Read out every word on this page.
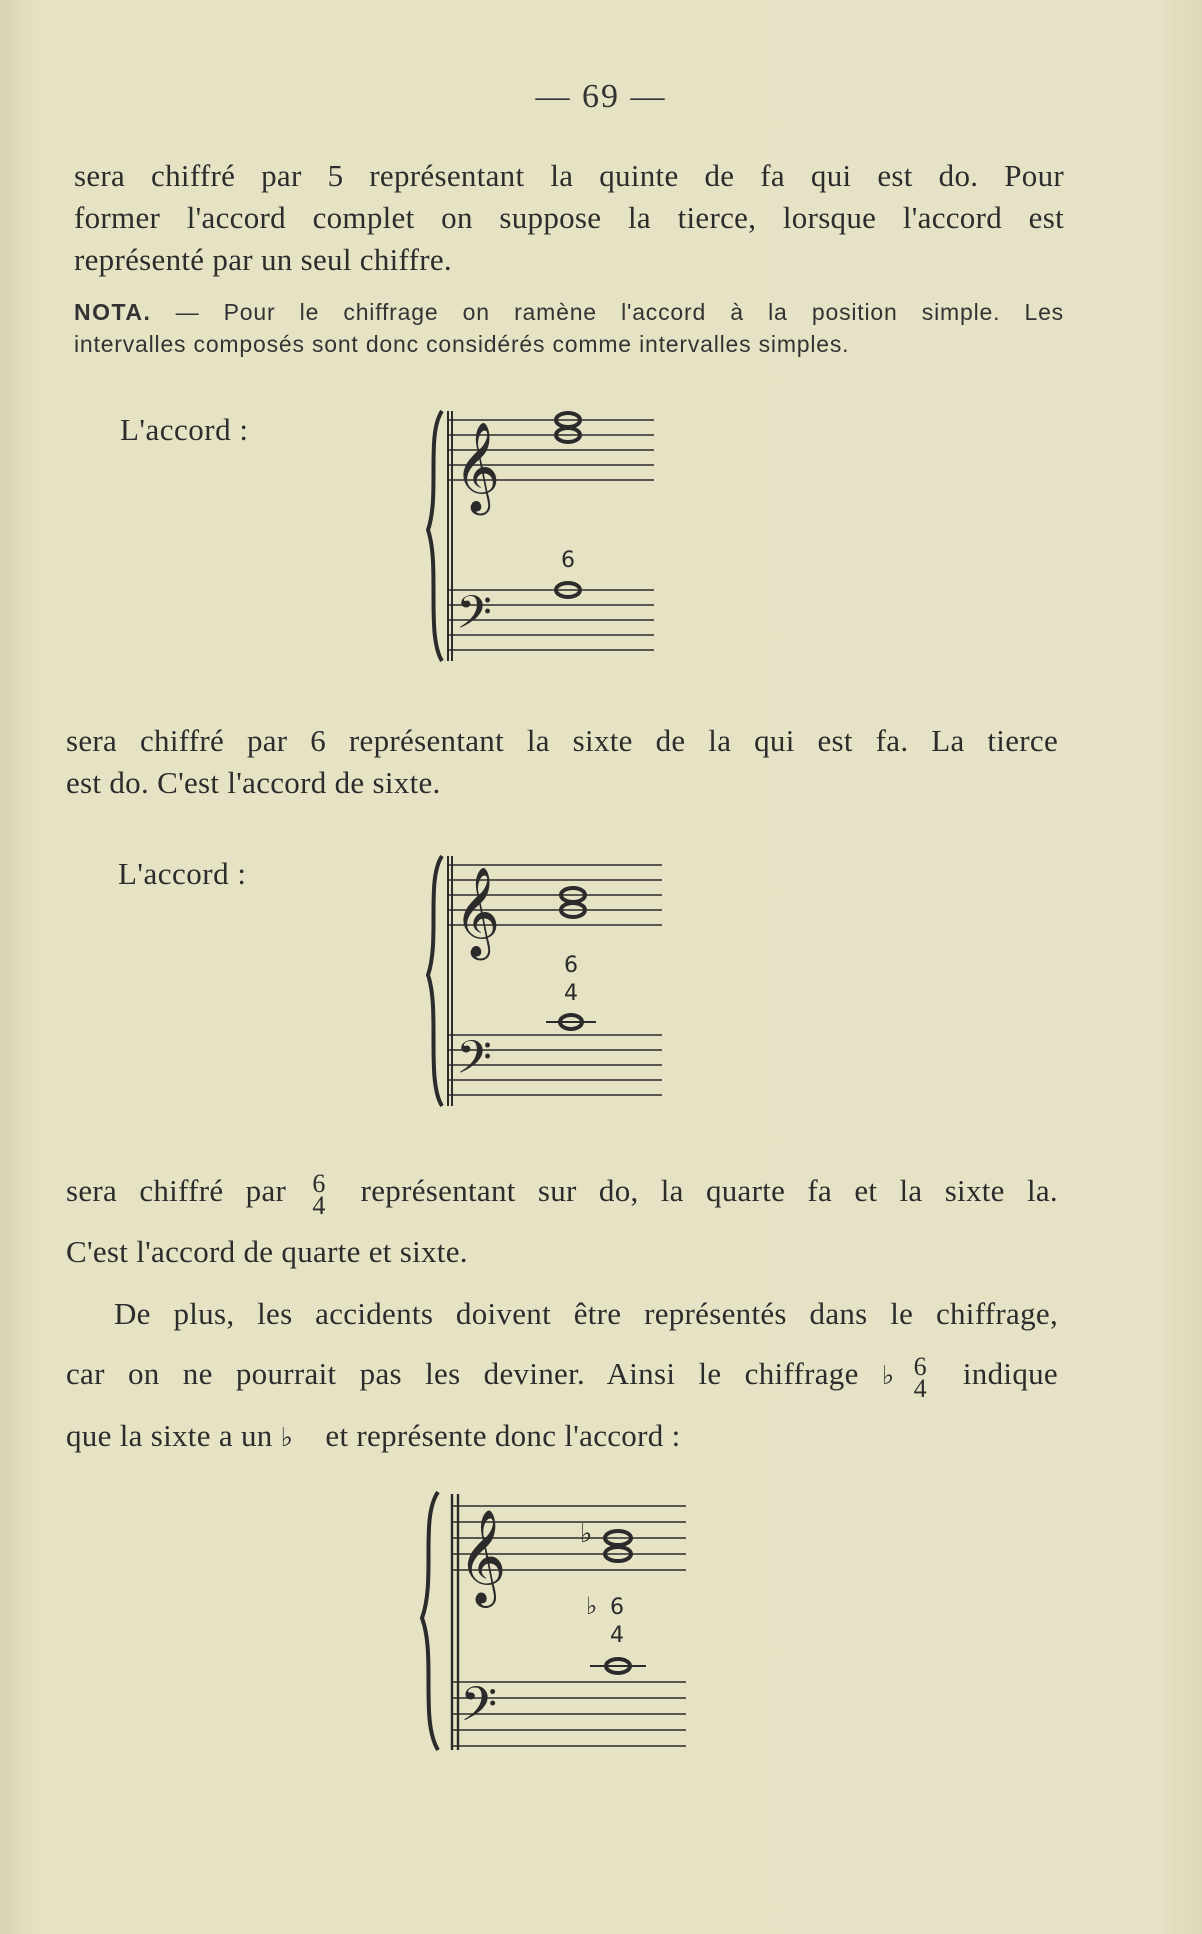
— 69 —
sera chiffré par 5 représentant la quinte de fa qui est do. Pour
former l'accord complet on suppose la tierce, lorsque l'accord est
représenté par un seul chiffre.
NOTA. — Pour le chiffrage on ramène l'accord à la position simple. Les
intervalles composés sont donc considérés comme intervalles simples.
L'accord :	𝄞
𝄢
6
sera chiffré par 6 représentant la sixte de la qui est fa. La tierce
est do. C'est l'accord de sixte.
L'accord :	𝄞
𝄢
6
4
sera chiffré par 6
4 représentant sur do, la quarte fa et la sixte la.
C'est l'accord de quarte et sixte.
De plus, les accidents doivent être représentés dans le chiffrage,
car on ne pourrait pas les deviner. Ainsi le chiffrage ♭ 6
4 indique
que la sixte a un ♭ et représente donc l'accord :
𝄞
𝄢
♭
♭ 6
4
